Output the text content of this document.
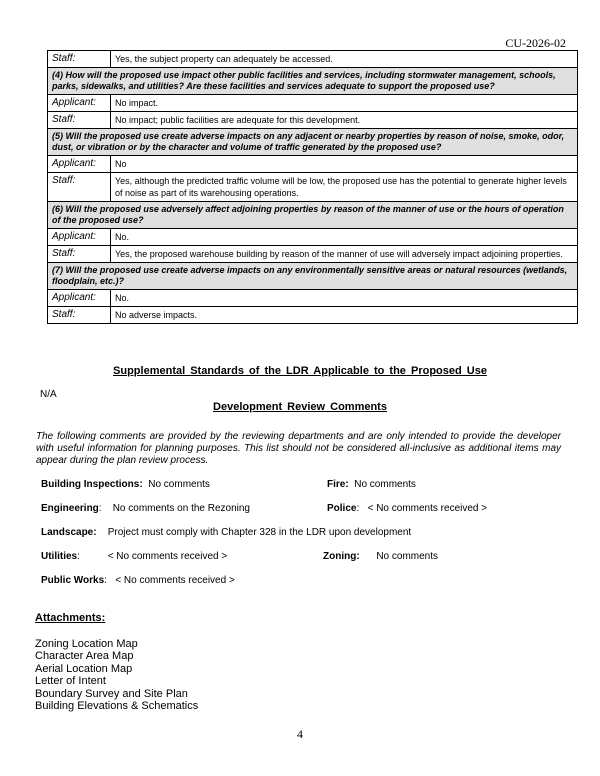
CU-2026-02
Staff:	Yes, the subject property can adequately be accessed.
(4) How will the proposed use impact other public facilities and services, including stormwater management, schools, parks, sidewalks, and utilities? Are these facilities and services adequate to support the proposed use?	
Applicant:	No impact.
Staff:	No impact; public facilities are adequate for this development.
(5) Will the proposed use create adverse impacts on any adjacent or nearby properties by reason of noise, smoke, odor, dust, or vibration or by the character and volume of traffic generated by the proposed use?	
Applicant:	No
Staff:	Yes, although the predicted traffic volume will be low, the proposed use has the potential to generate higher levels of noise as part of its warehousing operations.
(6) Will the proposed use adversely affect adjoining properties by reason of the manner of use or the hours of operation of the proposed use?	
Applicant:	No.
Staff:	Yes, the proposed warehouse building by reason of the manner of use will adversely impact adjoining properties.
(7) Will the proposed use create adverse impacts on any environmentally sensitive areas or natural resources (wetlands, floodplain, etc.)?	
Applicant:	No.
Staff:	No adverse impacts.
Supplemental Standards of the LDR Applicable to the Proposed Use
N/A
Development Review Comments
The following comments are provided by the reviewing departments and are only intended to provide the developer with useful information for planning purposes. This list should not be considered all-inclusive as additional items may appear during the plan review process.
Building Inspections: No comments	Fire: No comments
Engineering:    No comments on the Rezoning	Police:   < No comments received >
Landscape: Project must comply with Chapter 328 in the LDR upon development
Utilities:          < No comments received >	Zoning: No comments
Public Works:   < No comments received >
Attachments:
Zoning Location Map
Character Area Map
Aerial Location Map
Letter of Intent
Boundary Survey and Site Plan
Building Elevations & Schematics
4
